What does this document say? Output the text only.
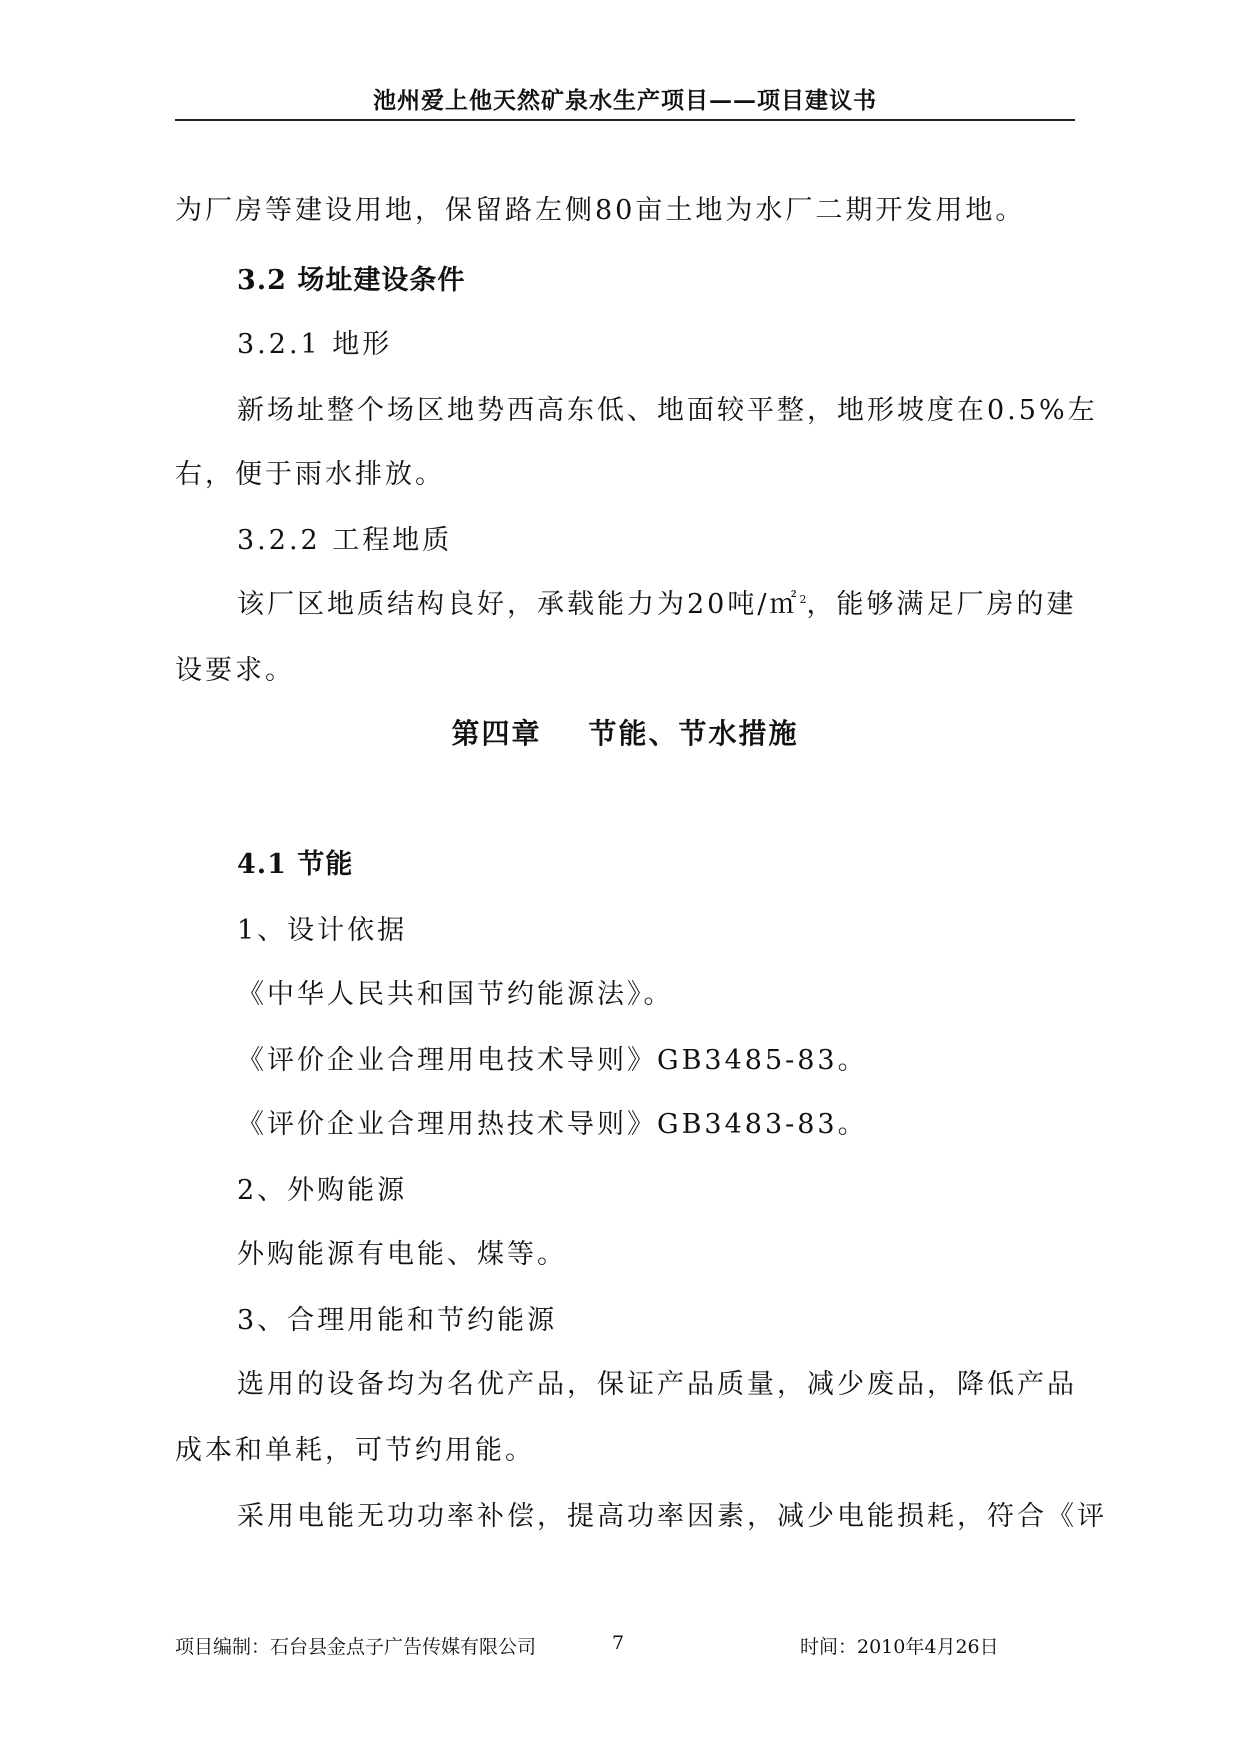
池州爱上他天然矿泉水生产项目——项目建议书
为厂房等建设用地，保留路左侧80亩土地为水厂二期开发用地。
3.2 场址建设条件
3.2.1 地形
新场址整个场区地势西高东低、地面较平整，地形坡度在0.5%左
右，便于雨水排放。
3.2.2 工程地质
该厂区地质结构良好，承载能力为20吨/㎡$^2$，能够满足厂房的建
设要求。
第四章    节能、节水措施
4.1 节能
1、设计依据
《中华人民共和国节约能源法》。
《评价企业合理用电技术导则》GB3485-83。
《评价企业合理用热技术导则》GB3483-83。
2、外购能源
外购能源有电能、煤等。
3、合理用能和节约能源
选用的设备均为名优产品，保证产品质量，减少废品，降低产品
成本和单耗，可节约用能。
采用电能无功功率补偿，提高功率因素，减少电能损耗，符合《评
项目编制：石台县金点子广告传媒有限公司	7	时间：2010年4月26日
